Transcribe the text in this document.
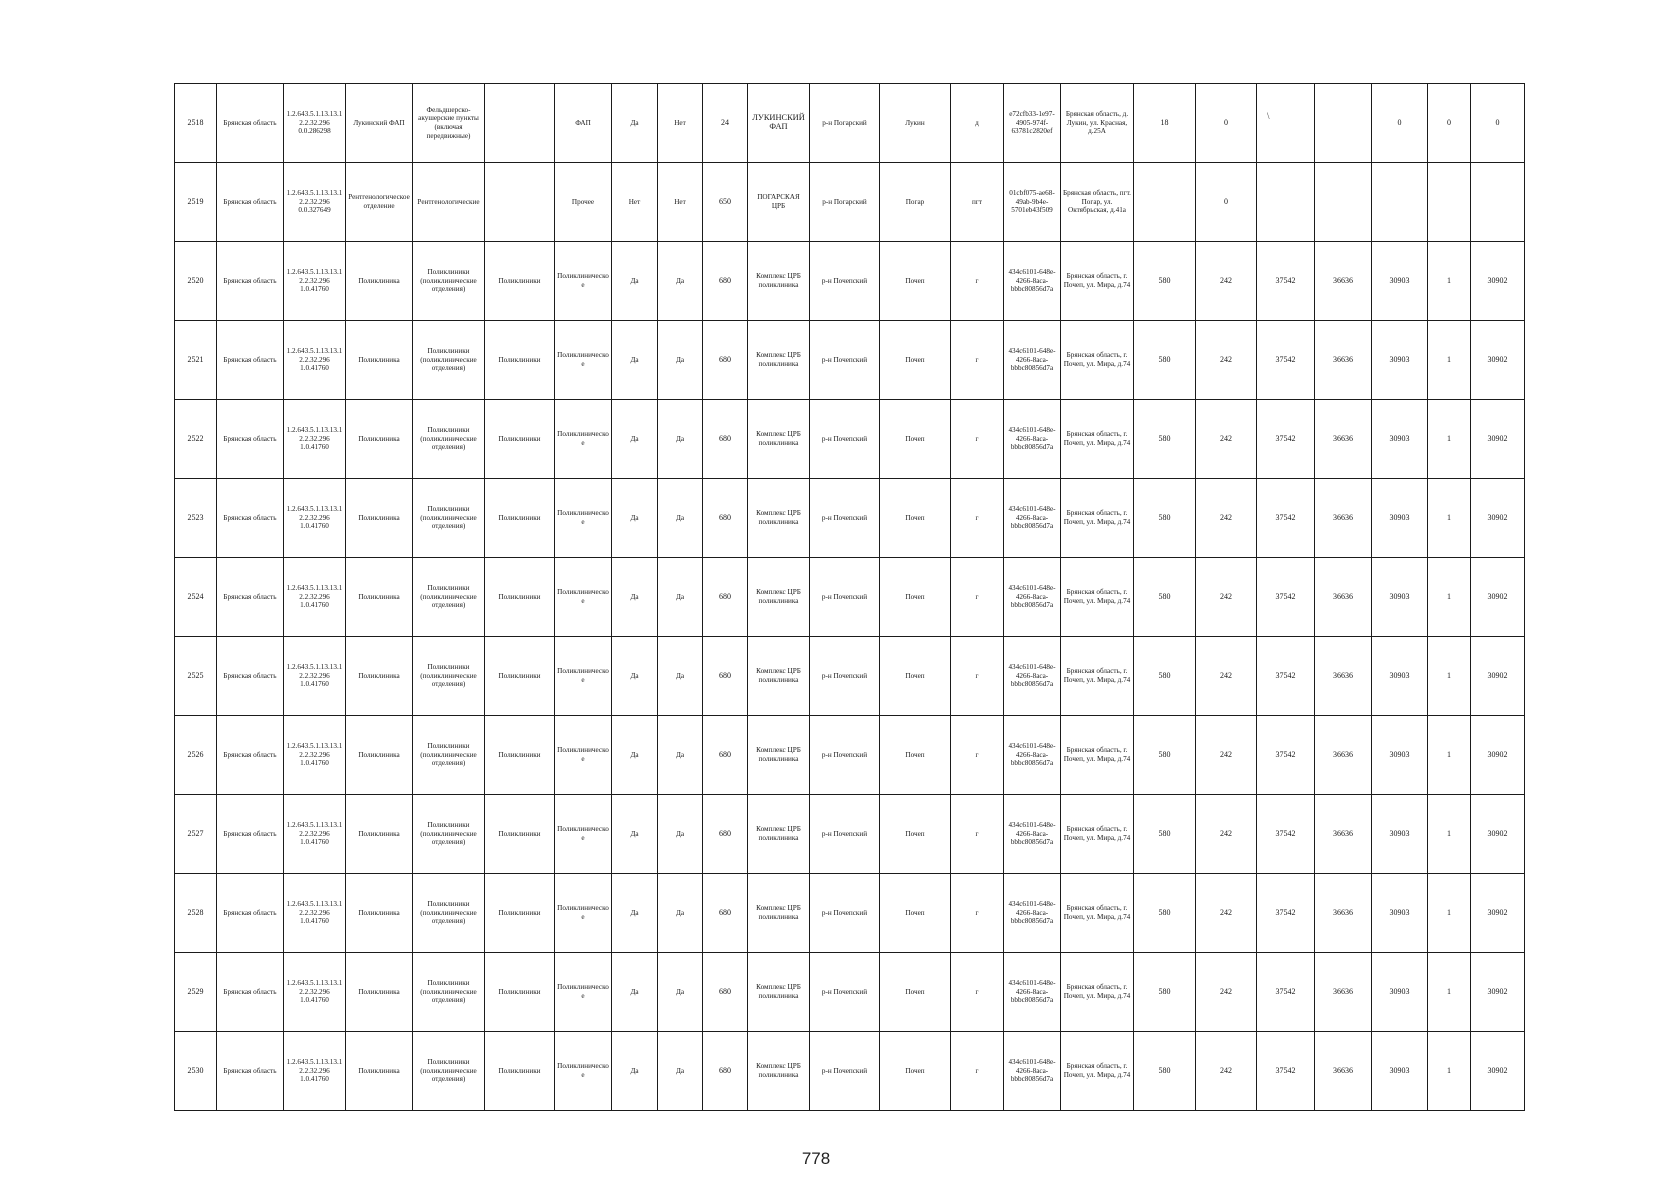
2518	Брянская область	1.2.643.5.1.13.13.12.2.32.296 0.0.286298	Лукинский ФАП	Фельдшерско-акушерские пункты (включая передвижные)		ФАП	Да	Нет	24	ЛУКИНСКИЙ ФАП	р-н Погарский	Лукин	д	e72cfb33-1e97-4905-974f-63781c2820ef	Брянская область, д. Лукин, ул. Красная, д.25А	18	0			0	0	0
2519	Брянская область	1.2.643.5.1.13.13.12.2.32.296 0.0.327649	Рентгенологическое отделение	Рентгенологические		Прочее	Нет	Нет	650	ПОГАРСКАЯ ЦРБ	р-н Погарский	Погар	пгт	01cbf075-ae68-49ab-9b4e-5701eb43f509	Брянская область, пгт. Погар, ул. Октябрьская, д.41а		0					
2520	Брянская область	1.2.643.5.1.13.13.12.2.32.296 1.0.41760	Поликлиника	Поликлиники (поликлинические отделения)	Поликлиники	Поликлиническое	Да	Да	680	Комплекс ЦРБ поликлиника	р-н Почепский	Почеп	г	434c6101-648e-4266-8aca-bbbc80856d7a	Брянская область, г. Почеп, ул. Мира, д.74	580	242	37542	36636	30903	1	30902
2521	Брянская область	1.2.643.5.1.13.13.12.2.32.296 1.0.41760	Поликлиника	Поликлиники (поликлинические отделения)	Поликлиники	Поликлиническое	Да	Да	680	Комплекс ЦРБ поликлиника	р-н Почепский	Почеп	г	434c6101-648e-4266-8aca-bbbc80856d7a	Брянская область, г. Почеп, ул. Мира, д.74	580	242	37542	36636	30903	1	30902
2522	Брянская область	1.2.643.5.1.13.13.12.2.32.296 1.0.41760	Поликлиника	Поликлиники (поликлинические отделения)	Поликлиники	Поликлиническое	Да	Да	680	Комплекс ЦРБ поликлиника	р-н Почепский	Почеп	г	434c6101-648e-4266-8aca-bbbc80856d7a	Брянская область, г. Почеп, ул. Мира, д.74	580	242	37542	36636	30903	1	30902
2523	Брянская область	1.2.643.5.1.13.13.12.2.32.296 1.0.41760	Поликлиника	Поликлиники (поликлинические отделения)	Поликлиники	Поликлиническое	Да	Да	680	Комплекс ЦРБ поликлиника	р-н Почепский	Почеп	г	434c6101-648e-4266-8aca-bbbc80856d7a	Брянская область, г. Почеп, ул. Мира, д.74	580	242	37542	36636	30903	1	30902
2524	Брянская область	1.2.643.5.1.13.13.12.2.32.296 1.0.41760	Поликлиника	Поликлиники (поликлинические отделения)	Поликлиники	Поликлиническое	Да	Да	680	Комплекс ЦРБ поликлиника	р-н Почепский	Почеп	г	434c6101-648e-4266-8aca-bbbc80856d7a	Брянская область, г. Почеп, ул. Мира, д.74	580	242	37542	36636	30903	1	30902
2525	Брянская область	1.2.643.5.1.13.13.12.2.32.296 1.0.41760	Поликлиника	Поликлиники (поликлинические отделения)	Поликлиники	Поликлиническое	Да	Да	680	Комплекс ЦРБ поликлиника	р-н Почепский	Почеп	г	434c6101-648e-4266-8aca-bbbc80856d7a	Брянская область, г. Почеп, ул. Мира, д.74	580	242	37542	36636	30903	1	30902
2526	Брянская область	1.2.643.5.1.13.13.12.2.32.296 1.0.41760	Поликлиника	Поликлиники (поликлинические отделения)	Поликлиники	Поликлиническое	Да	Да	680	Комплекс ЦРБ поликлиника	р-н Почепский	Почеп	г	434c6101-648e-4266-8aca-bbbc80856d7a	Брянская область, г. Почеп, ул. Мира, д.74	580	242	37542	36636	30903	1	30902
2527	Брянская область	1.2.643.5.1.13.13.12.2.32.296 1.0.41760	Поликлиника	Поликлиники (поликлинические отделения)	Поликлиники	Поликлиническое	Да	Да	680	Комплекс ЦРБ поликлиника	р-н Почепский	Почеп	г	434c6101-648e-4266-8aca-bbbc80856d7a	Брянская область, г. Почеп, ул. Мира, д.74	580	242	37542	36636	30903	1	30902
2528	Брянская область	1.2.643.5.1.13.13.12.2.32.296 1.0.41760	Поликлиника	Поликлиники (поликлинические отделения)	Поликлиники	Поликлиническое	Да	Да	680	Комплекс ЦРБ поликлиника	р-н Почепский	Почеп	г	434c6101-648e-4266-8aca-bbbc80856d7a	Брянская область, г. Почеп, ул. Мира, д.74	580	242	37542	36636	30903	1	30902
2529	Брянская область	1.2.643.5.1.13.13.12.2.32.296 1.0.41760	Поликлиника	Поликлиники (поликлинические отделения)	Поликлиники	Поликлиническое	Да	Да	680	Комплекс ЦРБ поликлиника	р-н Почепский	Почеп	г	434c6101-648e-4266-8aca-bbbc80856d7a	Брянская область, г. Почеп, ул. Мира, д.74	580	242	37542	36636	30903	1	30902
2530	Брянская область	1.2.643.5.1.13.13.12.2.32.296 1.0.41760	Поликлиника	Поликлиники (поликлинические отделения)	Поликлиники	Поликлиническое	Да	Да	680	Комплекс ЦРБ поликлиника	р-н Почепский	Почеп	г	434c6101-648e-4266-8aca-bbbc80856d7a	Брянская область, г. Почеп, ул. Мира, д.74	580	242	37542	36636	30903	1	30902
\
778
